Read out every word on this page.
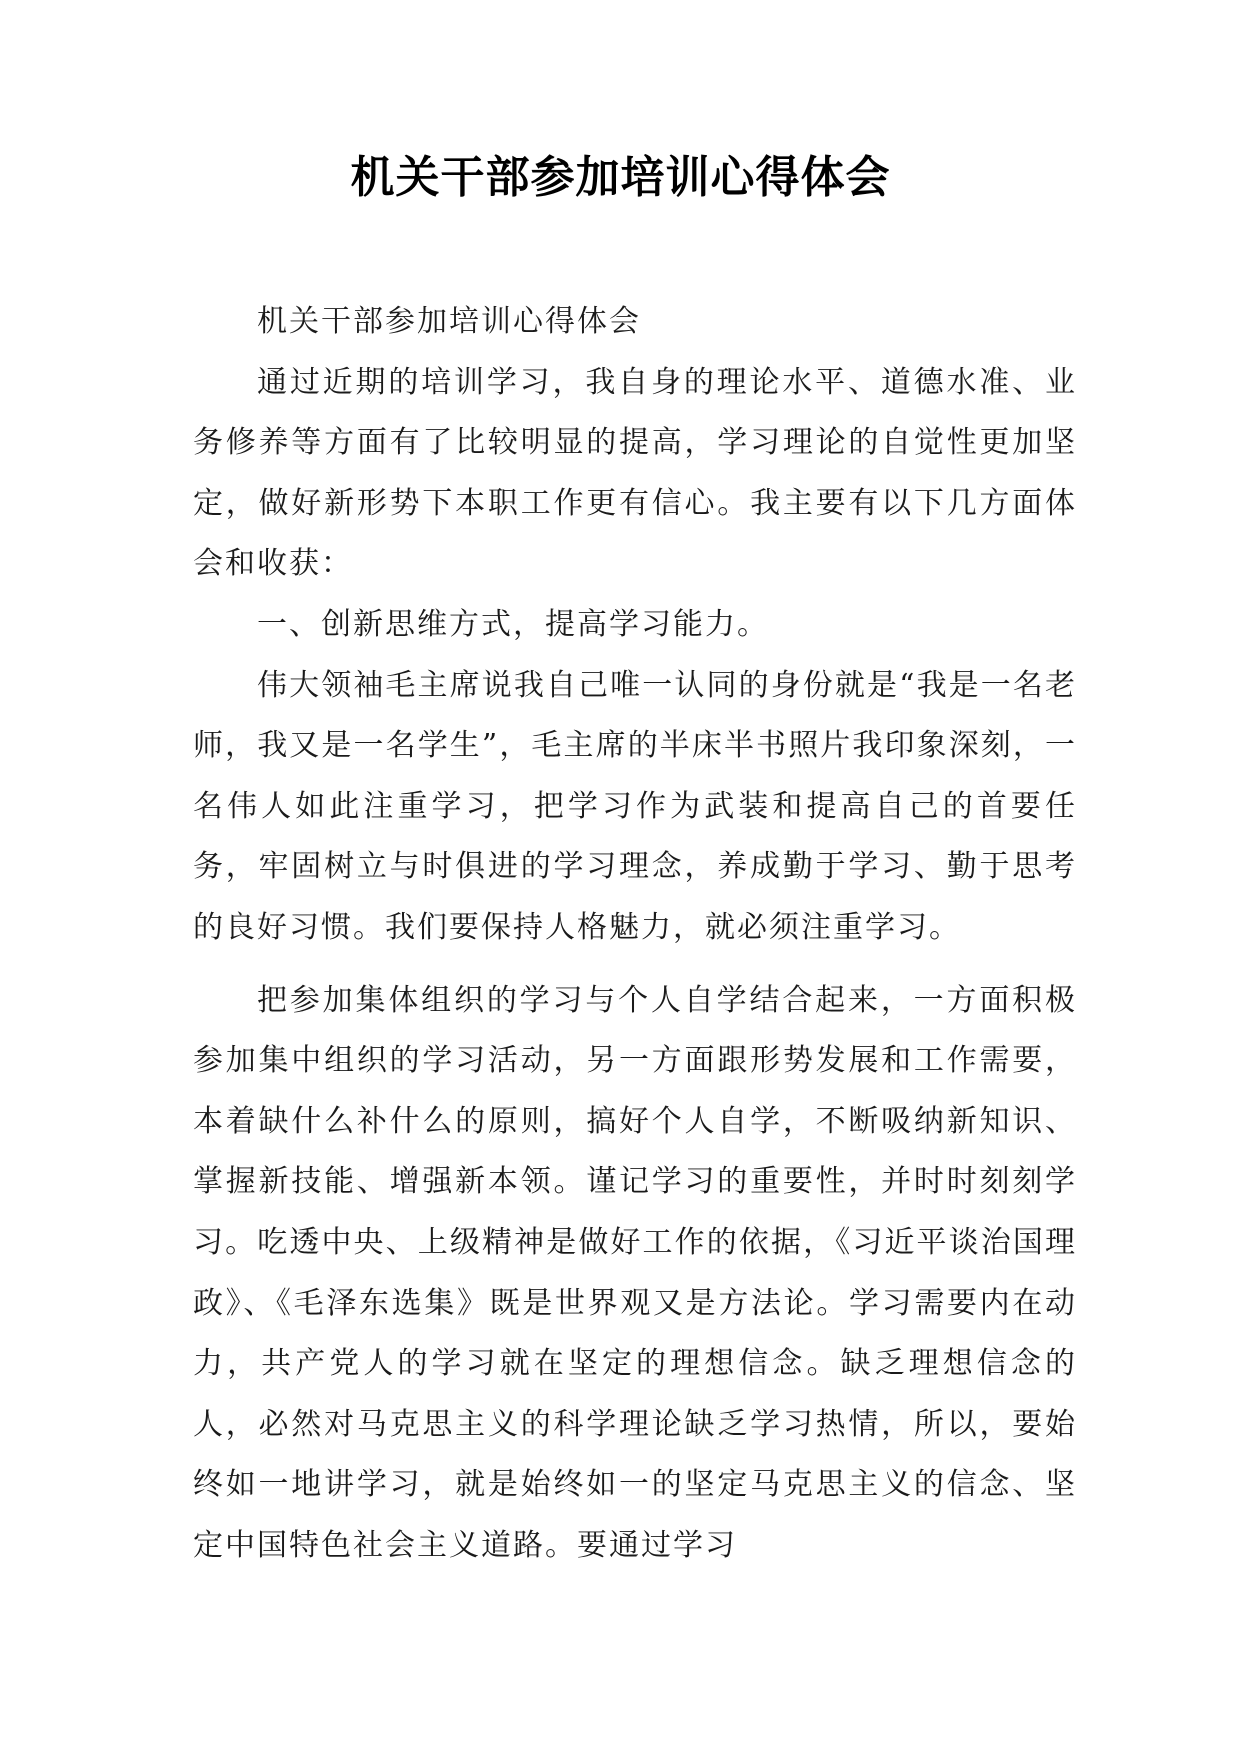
机关干部参加培训心得体会

机关干部参加培训心得体会

通过近期的培训学习，我自身的理论水平、道德水准、业务修养等方面有了比较明显的提高，学习理论的自觉性更加坚定，做好新形势下本职工作更有信心。我主要有以下几方面体会和收获：

一、创新思维方式，提高学习能力。

伟大领袖毛主席说我自己唯一认同的身份就是“我是一名老师，我又是一名学生”，毛主席的半床半书照片我印象深刻，一名伟人如此注重学习，把学习作为武装和提高自己的首要任务，牢固树立与时俱进的学习理念，养成勤于学习、勤于思考的良好习惯。我们要保持人格魅力，就必须注重学习。

把参加集体组织的学习与个人自学结合起来，一方面积极参加集中组织的学习活动，另一方面跟形势发展和工作需要，本着缺什么补什么的原则，搞好个人自学，不断吸纳新知识、掌握新技能、增强新本领。谨记学习的重要性，并时时刻刻学习。吃透中央、上级精神是做好工作的依据，《习近平谈治国理政》、《毛泽东选集》既是世界观又是方法论。学习需要内在动力，共产党人的学习就在坚定的理想信念。缺乏理想信念的人，必然对马克思主义的科学理论缺乏学习热情，所以，要始终如一地讲学习，就是始终如一的坚定马克思主义的信念、坚定中国特色社会主义道路。要通过学习
